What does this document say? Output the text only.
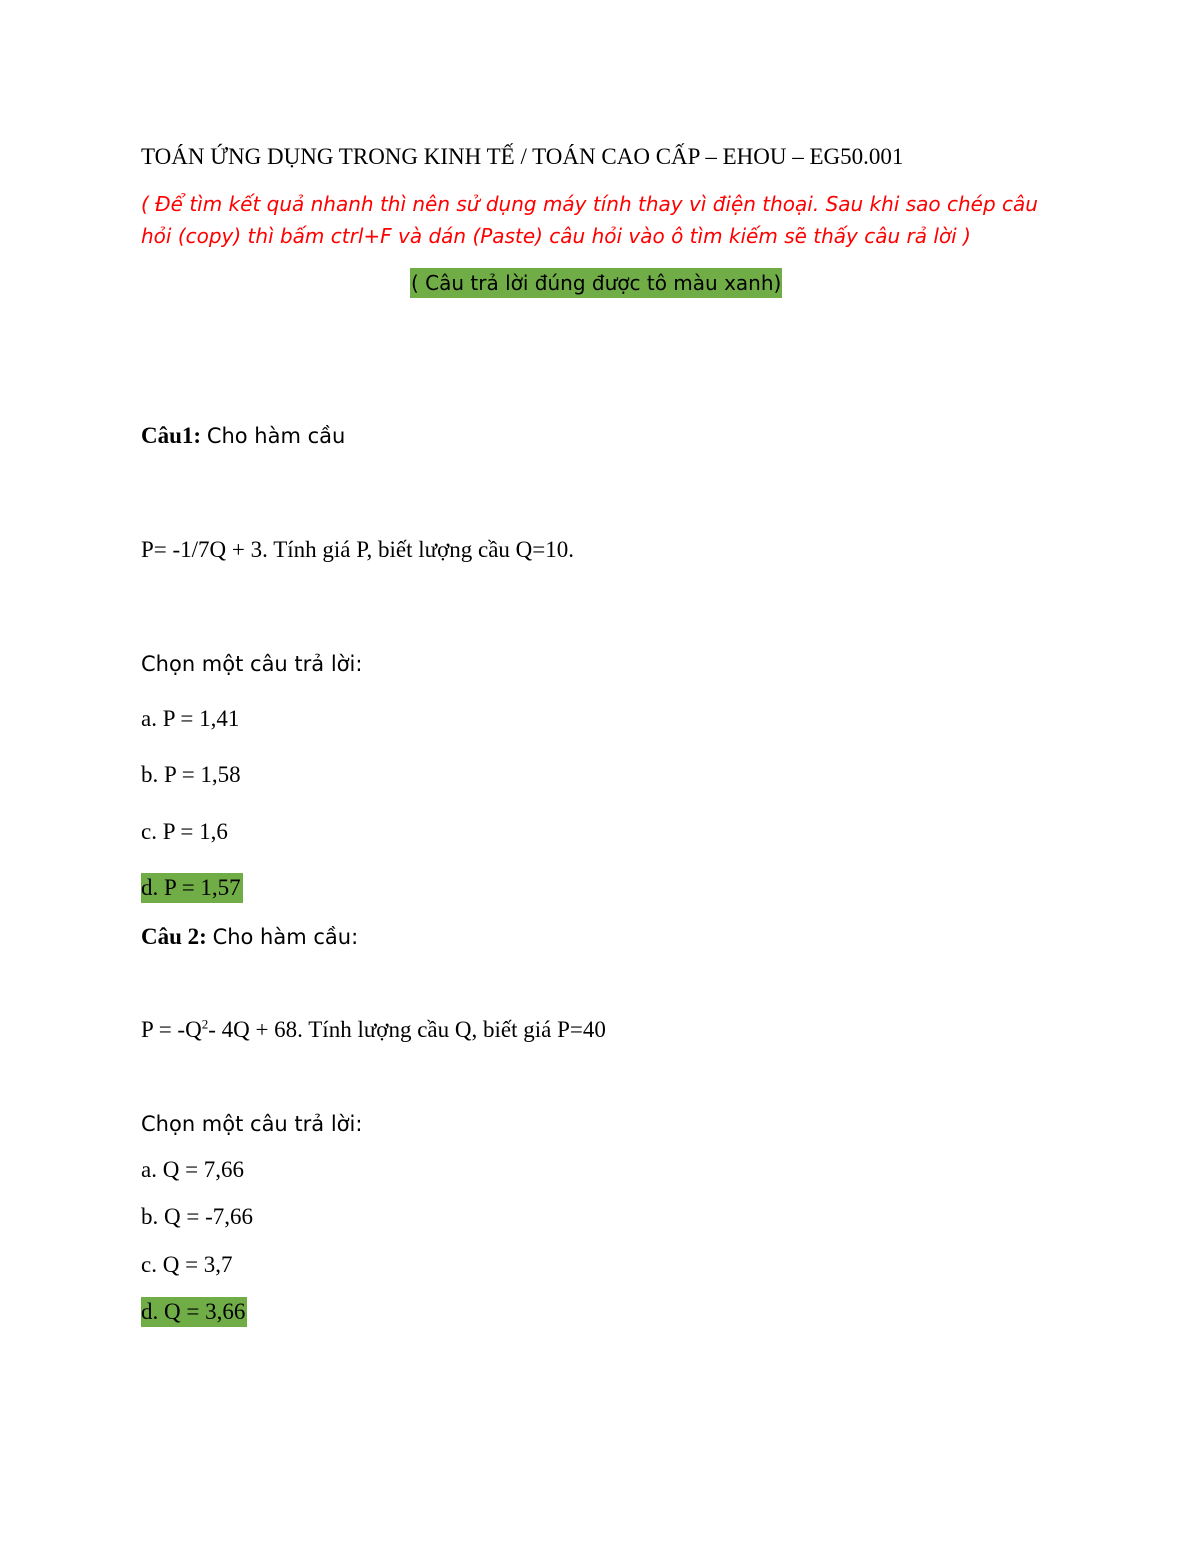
TOÁN ỨNG DỤNG TRONG KINH TẾ / TOÁN CAO CẤP – EHOU – EG50.001
( Để tìm kết quả nhanh thì nên sử dụng máy tính thay vì điện thoại. Sau khi sao chép câu
hỏi (copy) thì bấm ctrl+F và dán (Paste) câu hỏi vào ô tìm kiếm sẽ thấy câu rả lời )
( Câu trả lời đúng được tô màu xanh)
Câu1: Cho hàm cầu
P= -1/7Q + 3. Tính giá P, biết lượng cầu Q=10.
Chọn một câu trả lời:
a. P = 1,41
b. P = 1,58
c. P = 1,6
d. P = 1,57
Câu 2: Cho hàm cầu:
$P = -Q^2-$ 4Q + 68. Tính lượng cầu Q, biết giá P=40
Chọn một câu trả lời:
a. Q = 7,66
b. Q = -7,66
c. Q = 3,7
d. Q = 3,66
